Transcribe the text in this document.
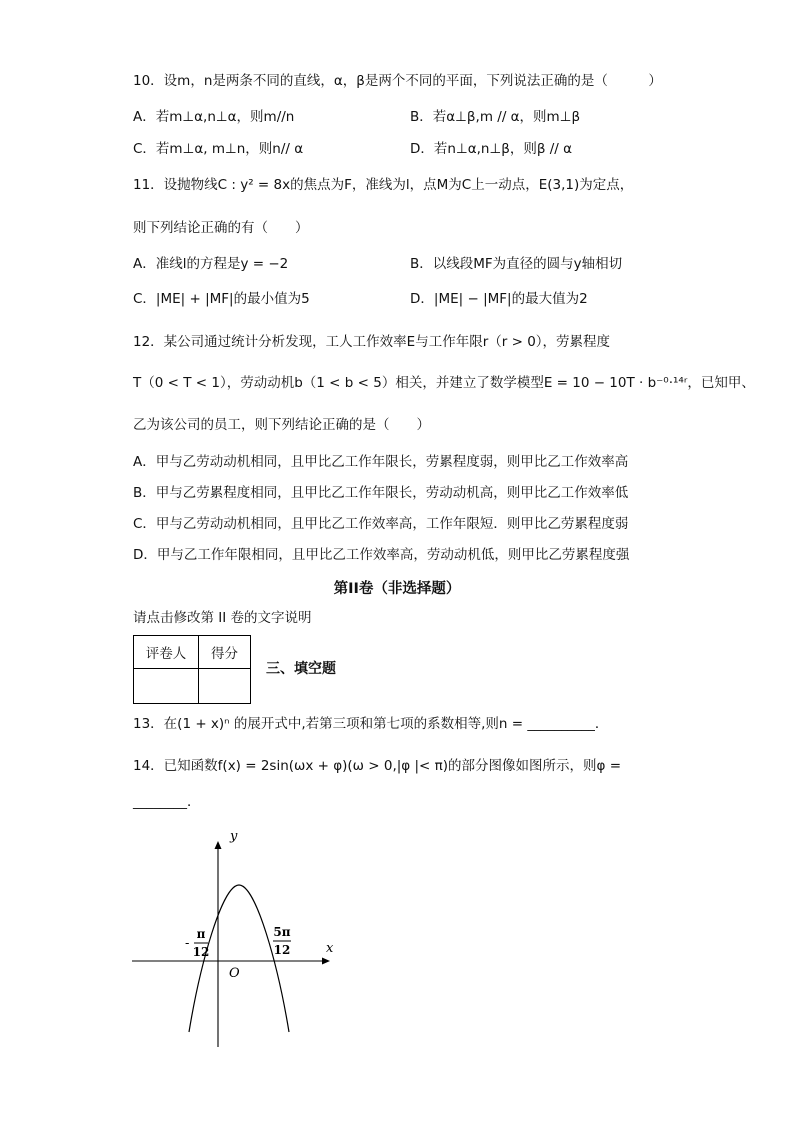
10．设m，n是两条不同的直线，α，β是两个不同的平面，下列说法正确的是（　　　）
A．若m⊥α,n⊥α，则m//n	B．若α⊥β,m // α，则m⊥β
C．若m⊥α, m⊥n，则n// α	D．若n⊥α,n⊥β，则β // α
11．设抛物线C : y² = 8x的焦点为F，准线为l，点M为C上一动点，E(3,1)为定点，
则下列结论正确的有（　　）
A．准线l的方程是y = −2	B．以线段MF为直径的圆与y轴相切
C．|ME| + |MF|的最小值为5	D．|ME| − |MF|的最大值为2
12．某公司通过统计分析发现，工人工作效率E与工作年限r（r > 0），劳累程度
T（0 < T < 1），劳动动机b（1 < b < 5）相关，并建立了数学模型E = 10 − 10T · b⁻⁰·¹⁴ʳ，已知甲、
乙为该公司的员工，则下列结论正确的是（　　）
A．甲与乙劳动动机相同，且甲比乙工作年限长，劳累程度弱，则甲比乙工作效率高
B．甲与乙劳累程度相同，且甲比乙工作年限长，劳动动机高，则甲比乙工作效率低
C．甲与乙劳动动机相同，且甲比乙工作效率高，工作年限短．则甲比乙劳累程度弱
D．甲与乙工作年限相同，且甲比乙工作效率高，劳动动机低，则甲比乙劳累程度强
第II卷（非选择题）
请点击修改第 II 卷的文字说明
评卷人	得分

三、填空题
13．在(1 + x)ⁿ 的展开式中,若第三项和第七项的系数相等,则n = __________．
14．已知函数f(x) = 2sin(ωx + φ)(ω > 0,|φ |< π)的部分图像如图所示，则φ =
________．
y
x
O
-
π
12
5π
12
